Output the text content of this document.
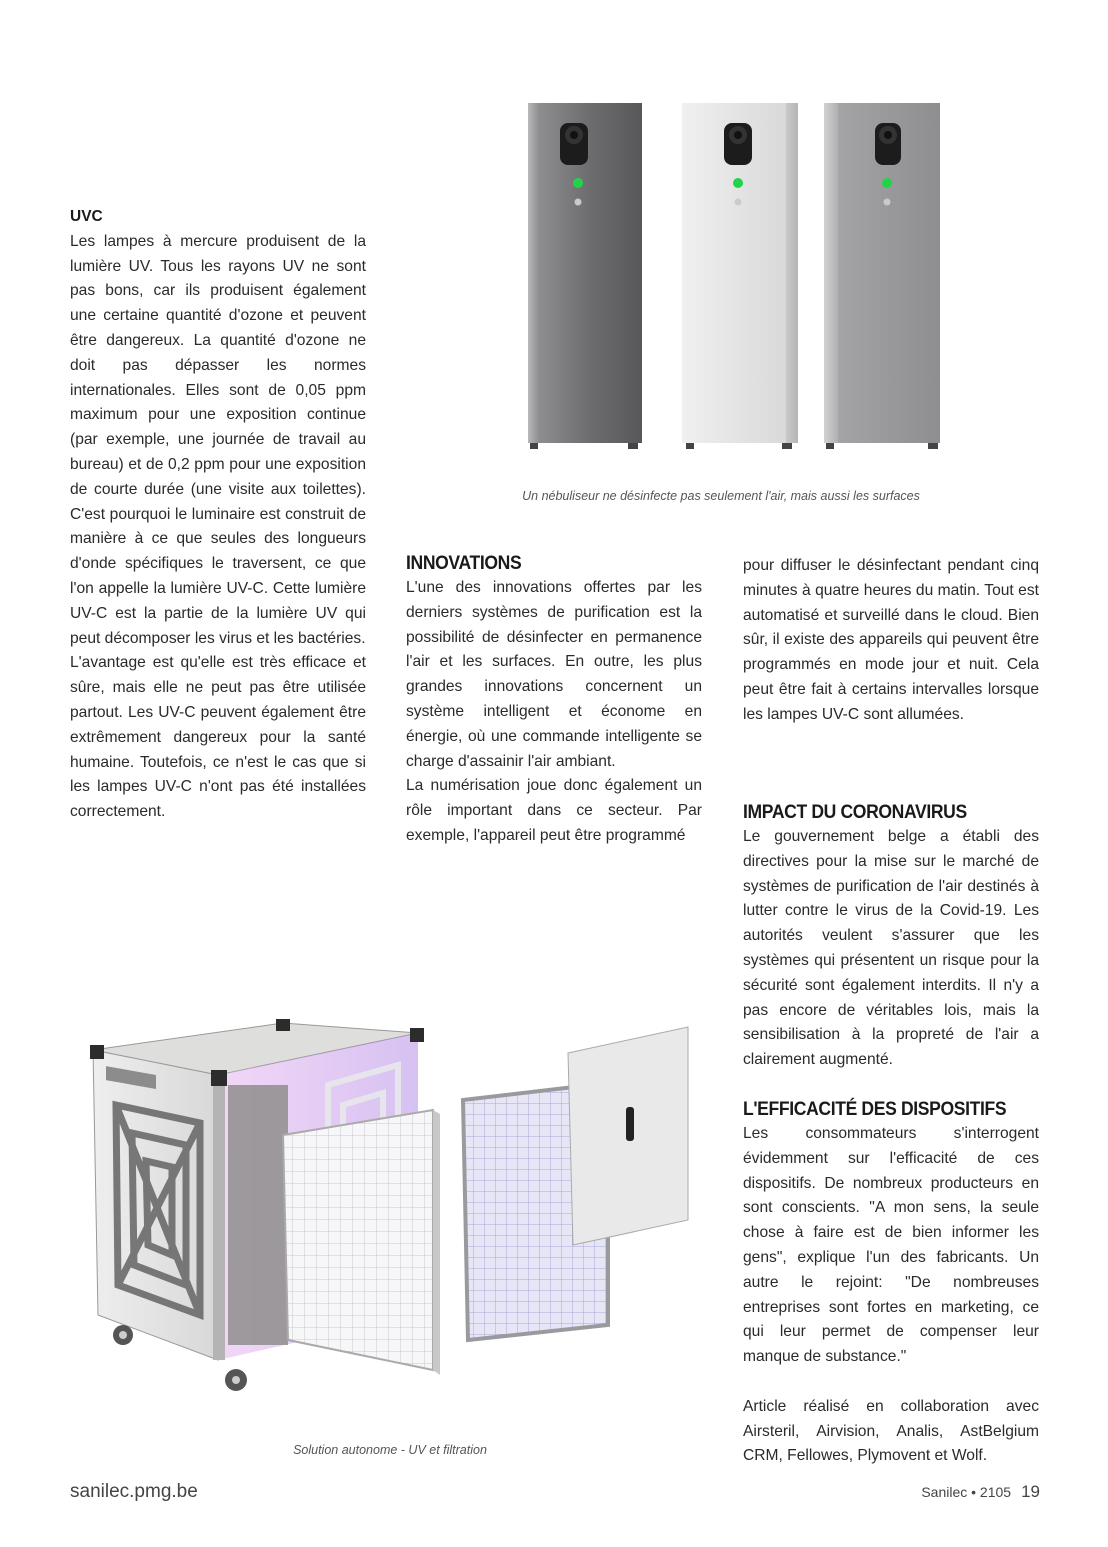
Un nébuliseur ne désinfecte pas seulement l'air, mais aussi les surfaces

UVC

Les lampes à mercure produisent de la lumière UV. Tous les rayons UV ne sont pas bons, car ils produisent également une certaine quantité d'ozone et peuvent être dangereux. La quantité d'ozone ne doit pas dépasser les normes internationales. Elles sont de 0,05 ppm maximum pour une exposition continue (par exemple, une journée de travail au bureau) et de 0,2 ppm pour une exposition de courte durée (une visite aux toilettes). C'est pourquoi le luminaire est construit de manière à ce que seules des longueurs d'onde spécifiques le traversent, ce que l'on appelle la lumière UV-C. Cette lumière UV-C est la partie de la lumière UV qui peut décomposer les virus et les bactéries.

L'avantage est qu'elle est très efficace et sûre, mais elle ne peut pas être utilisée partout. Les UV-C peuvent également être extrêmement dangereux pour la santé humaine. Toutefois, ce n'est le cas que si les lampes UV-C n'ont pas été installées correctement.

INNOVATIONS

L'une des innovations offertes par les derniers systèmes de purification est la possibilité de désinfecter en permanence l'air et les surfaces. En outre, les plus grandes innovations concernent un système intelligent et économe en énergie, où une commande intelligente se charge d'assainir l'air ambiant.

La numérisation joue donc également un rôle important dans ce secteur. Par exemple, l'appareil peut être programmé

pour diffuser le désinfectant pendant cinq minutes à quatre heures du matin. Tout est automatisé et surveillé dans le cloud. Bien sûr, il existe des appareils qui peuvent être programmés en mode jour et nuit. Cela peut être fait à certains intervalles lorsque les lampes UV-C sont allumées.

IMPACT DU CORONAVIRUS

Le gouvernement belge a établi des directives pour la mise sur le marché de systèmes de purification de l'air destinés à lutter contre le virus de la Covid-19. Les autorités veulent s'assurer que les systèmes qui présentent un risque pour la sécurité sont également interdits. Il n'y a pas encore de véritables lois, mais la sensibilisation à la propreté de l'air a clairement augmenté.

L'EFFICACITÉ DES DISPOSITIFS

Les consommateurs s'interrogent évidemment sur l'efficacité de ces dispositifs. De nombreux producteurs en sont conscients. "A mon sens, la seule chose à faire est de bien informer les gens", explique l'un des fabricants. Un autre le rejoint: "De nombreuses entreprises sont fortes en marketing, ce qui leur permet de compenser leur manque de substance."

Article réalisé en collaboration avec Airsteril, Airvision, Analis, AstBelgium CRM, Fellowes, Plymovent et Wolf.

Solution autonome - UV et filtration
sanilec.pmg.be	Sanilec • 2105 19
